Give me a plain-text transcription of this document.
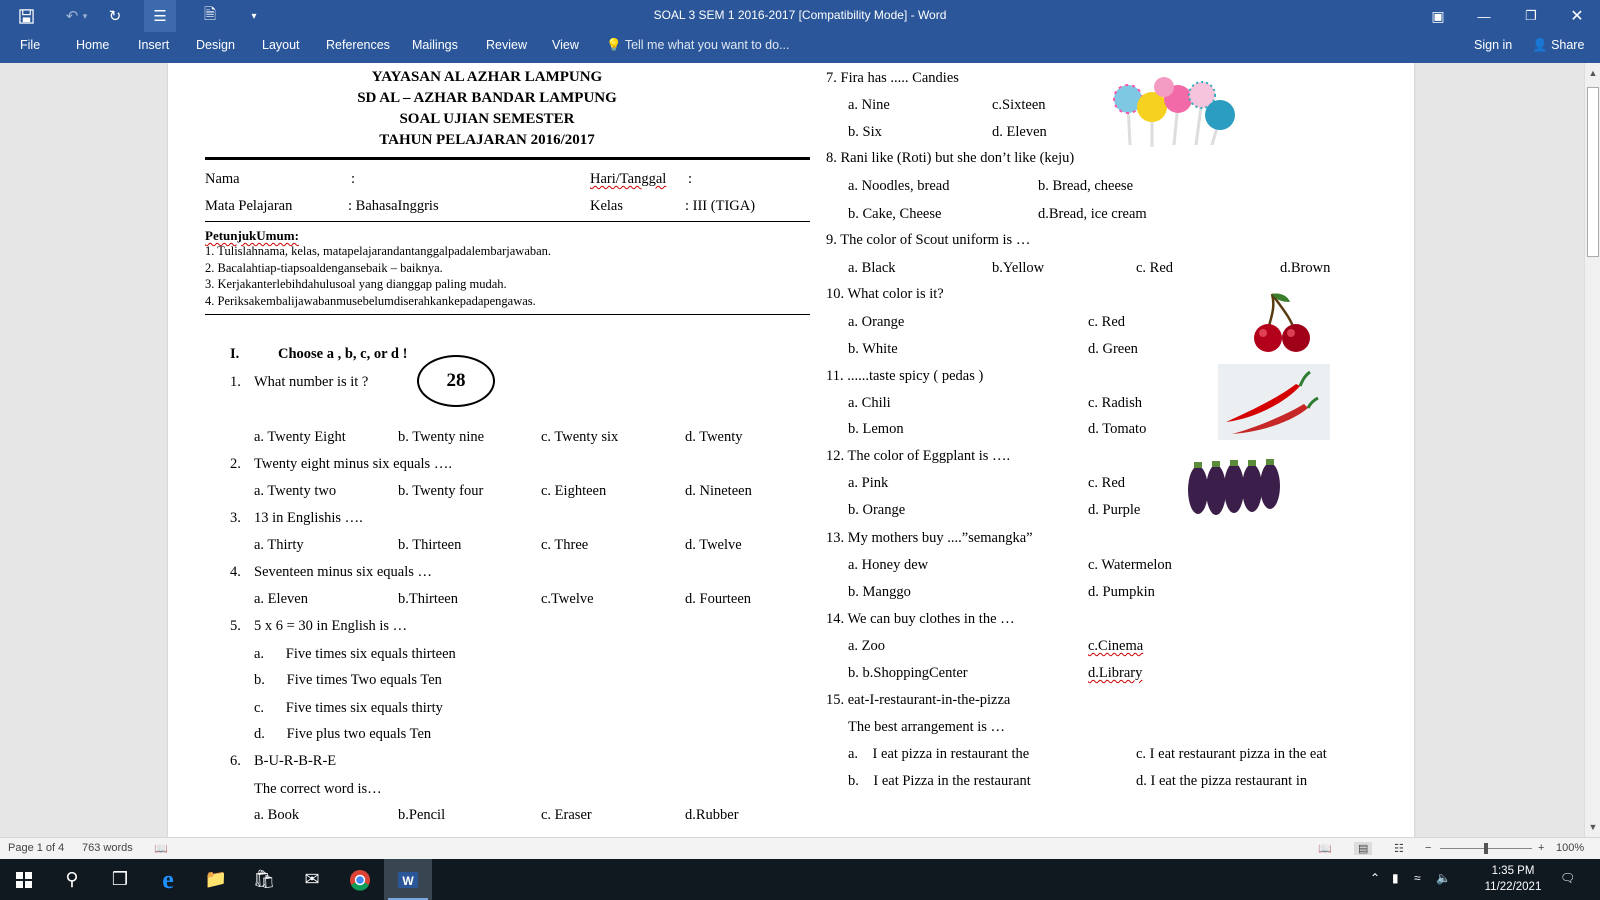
↶ ▾	↻	☰	🗎	▾	SOAL 3 SEM 1 2016-2017 [Compatibility Mode] - Word	▣	—	❐	✕
File	Home Insert Design Layout References Mailings Review View 💡 Tell me what you want to do...	Sign in	👤 Share
YAYASAN AL AZHAR LAMPUNG
SD AL – AZHAR BANDAR LAMPUNG
SOAL UJIAN SEMESTER
TAHUN PELAJARAN 2016/2017
Nama	:	Hari/Tanggal :
Mata Pelajaran	: BahasaInggris	Kelas	: III (TIGA)
PetunjukUmum:
1. Tulislahnama, kelas, matapelajarandantanggalpadalembarjawaban.
2. Bacalahtiap-tiapsoaldengansebaik – baiknya.
3. Kerjakanterlebihdahulusoal yang dianggap paling mudah.
4. Periksakembalijawabanmusebelumdiserahkankepadapengawas.
I.	Choose a , b, c, or d !
1. What number is it ?	28
a. Twenty Eight	b. Twenty nine	c. Twenty six	d. Twenty
2. Twenty eight minus six equals ….
a. Twenty two	b. Twenty four	c. Eighteen	d. Nineteen
3. 13 in Englishis ….
a. Thirty	b. Thirteen	c. Three	d. Twelve
4. Seventeen minus six equals …
a. Eleven	b.Thirteen	c.Twelve	d. Fourteen
5. 5 x 6 = 30 in English is …
a.      Five times six equals thirteen
b.      Five times Two equals Ten
c.      Five times six equals thirty
d.      Five plus two equals Ten
6. B-U-R-B-R-E
The correct word is…
a. Book	b.Pencil	c. Eraser	d.Rubber
7. Fira has ..... Candies
a. Nine
b. Six
c.Sixteen
d. Eleven
8. Rani like (Roti) but she don’t like (keju)
a. Noodles, bread	b. Bread, cheese
b. Cake, Cheese	d.Bread, ice cream
9. The color of Scout uniform is …
a. Black	b.Yellow	c. Red	d.Brown
10. What color is it?
a. Orange
b. White
c. Red
d. Green
11. ......taste spicy ( pedas )
a. Chili
b. Lemon
c. Radish
d. Tomato
12. The color of Eggplant is ….
a. Pink
b. Orange
c. Red
d. Purple
13. My mothers buy ....”semangka”
a. Honey dew
b. Manggo
c. Watermelon
d. Pumpkin
14. We can buy clothes in the …
a. Zoo
b. b.ShoppingCenter
c.Cinema
d.Library
15. eat-I-restaurant-in-the-pizza
The best arrangement is …
a.    I eat pizza in restaurant the
b.    I eat Pizza in the restaurant
c. I eat restaurant pizza in the eat
d. I eat the pizza restaurant in
▲
▼
Page 1 of 4 763 words 📖	📖	▤	☷ −	+ 100%
⚲	❒	e	📁	🛍	✉	W	⌃ ▮ ≈ 🔈	1:35 PM
11/22/2021
🗨
